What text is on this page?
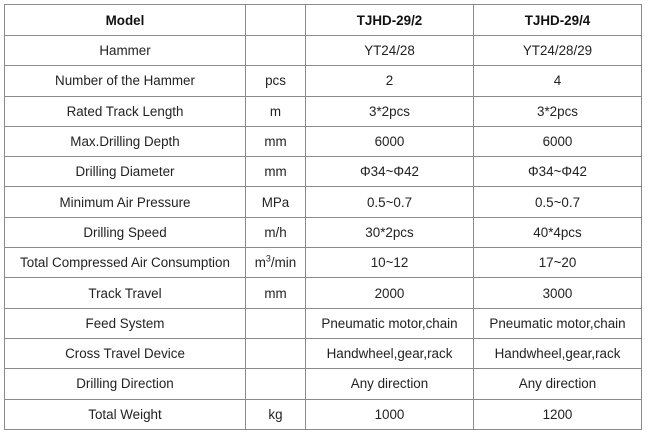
Model		TJHD-29/2	TJHD-29/4
Hammer		YT24/28	YT24/28/29
Number of the Hammer	pcs	2	4
Rated Track Length	m	3*2pcs	3*2pcs
Max.Drilling Depth	mm	6000	6000
Drilling Diameter	mm	Φ34~Φ42	Φ34~Φ42
Minimum Air Pressure	MPa	0.5~0.7	0.5~0.7
Drilling Speed	m/h	30*2pcs	40*4pcs
Total Compressed Air Consumption	$m^3/\min$	10~12	17~20
Track Travel	mm	2000	3000
Feed System		Pneumatic motor,chain	Pneumatic motor,chain
Cross Travel Device		Handwheel,gear,rack	Handwheel,gear,rack
Drilling Direction		Any direction	Any direction
Total Weight	kg	1000	1200
